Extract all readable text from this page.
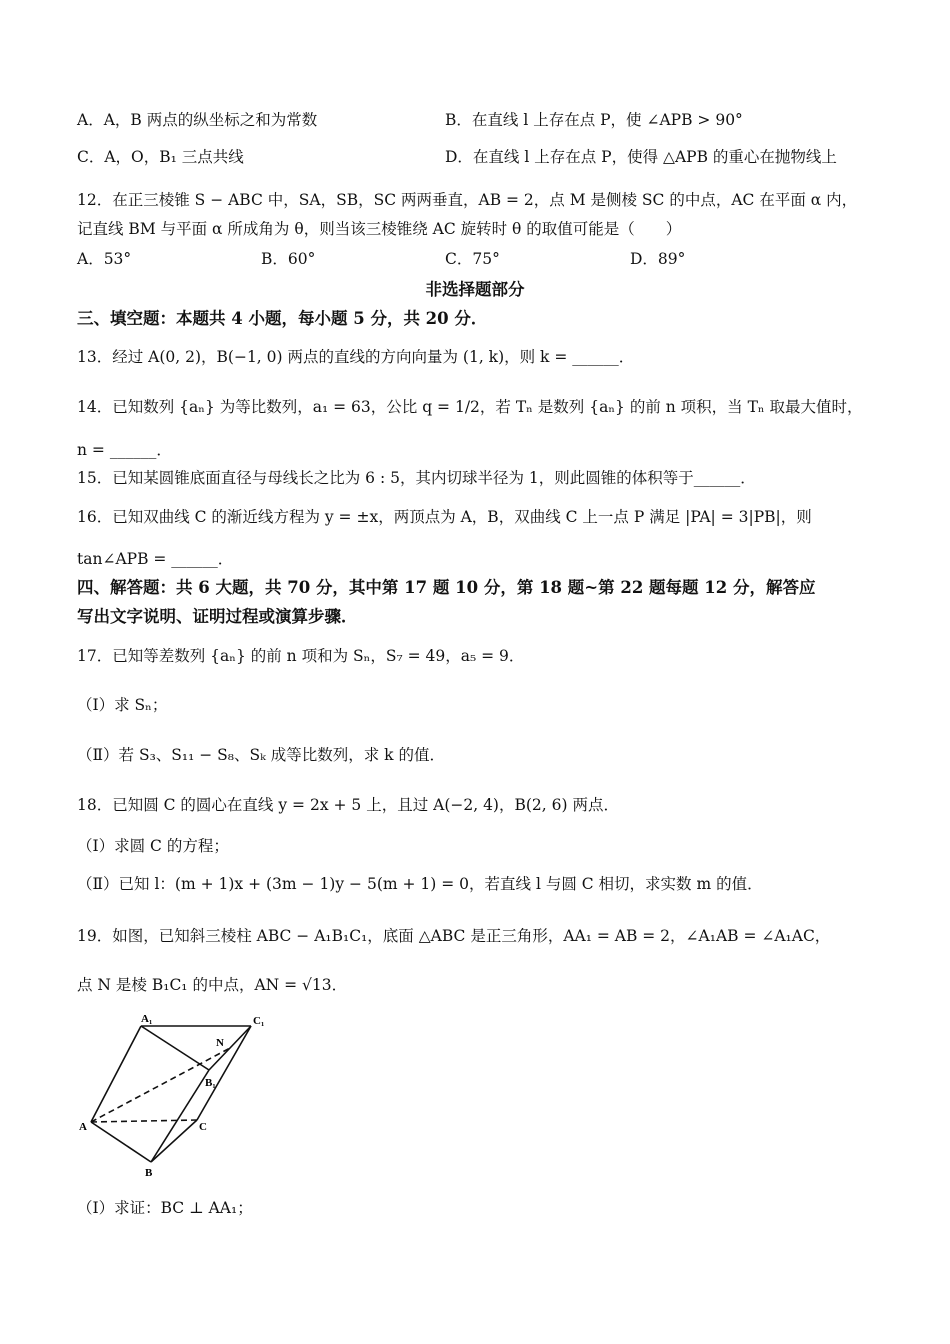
A．A，B 两点的纵坐标之和为常数	B．在直线 l 上存在点 P，使 ∠APB > 90°
C．A，O，B₁ 三点共线	D．在直线 l 上存在点 P，使得 △APB 的重心在抛物线上
12．在正三棱锥 S − ABC 中，SA，SB，SC 两两垂直，AB = 2，点 M 是侧棱 SC 的中点，AC 在平面 α 内，
记直线 BM 与平面 α 所成角为 θ，则当该三棱锥绕 AC 旋转时 θ 的取值可能是（　　）
A．53°	B．60°	C．75°	D．89°
非选择题部分
三、填空题：本题共 4 小题，每小题 5 分，共 20 分．
13．经过 A(0, 2)，B(−1, 0) 两点的直线的方向向量为 (1, k)，则 k = ______．
14．已知数列 {aₙ} 为等比数列，a₁ = 63，公比 q = 1/2，若 Tₙ 是数列 {aₙ} 的前 n 项积，当 Tₙ 取最大值时，
n = ______．
15．已知某圆锥底面直径与母线长之比为 6 : 5，其内切球半径为 1，则此圆锥的体积等于______．
16．已知双曲线 C 的渐近线方程为 y = ±x，两顶点为 A，B，双曲线 C 上一点 P 满足 |PA| = 3|PB|，则
tan∠APB = ______．
四、解答题：共 6 大题，共 70 分，其中第 17 题 10 分，第 18 题~第 22 题每题 12 分，解答应
写出文字说明、证明过程或演算步骤．
17．已知等差数列 {aₙ} 的前 n 项和为 Sₙ，S₇ = 49，a₅ = 9．
（Ⅰ）求 Sₙ；
（Ⅱ）若 S₃、S₁₁ − S₈、Sₖ 成等比数列，求 k 的值．
18．已知圆 C 的圆心在直线 y = 2x + 5 上，且过 A(−2, 4)，B(2, 6) 两点．
（Ⅰ）求圆 C 的方程；
（Ⅱ）已知 l：(m + 1)x + (3m − 1)y − 5(m + 1) = 0，若直线 l 与圆 C 相切，求实数 m 的值．
19．如图，已知斜三棱柱 ABC − A₁B₁C₁，底面 △ABC 是正三角形，AA₁ = AB = 2，∠A₁AB = ∠A₁AC，
点 N 是棱 B₁C₁ 的中点，AN = √13．
A₁	C₁
N
B₁
A	C
B
（Ⅰ）求证：BC ⊥ AA₁；
